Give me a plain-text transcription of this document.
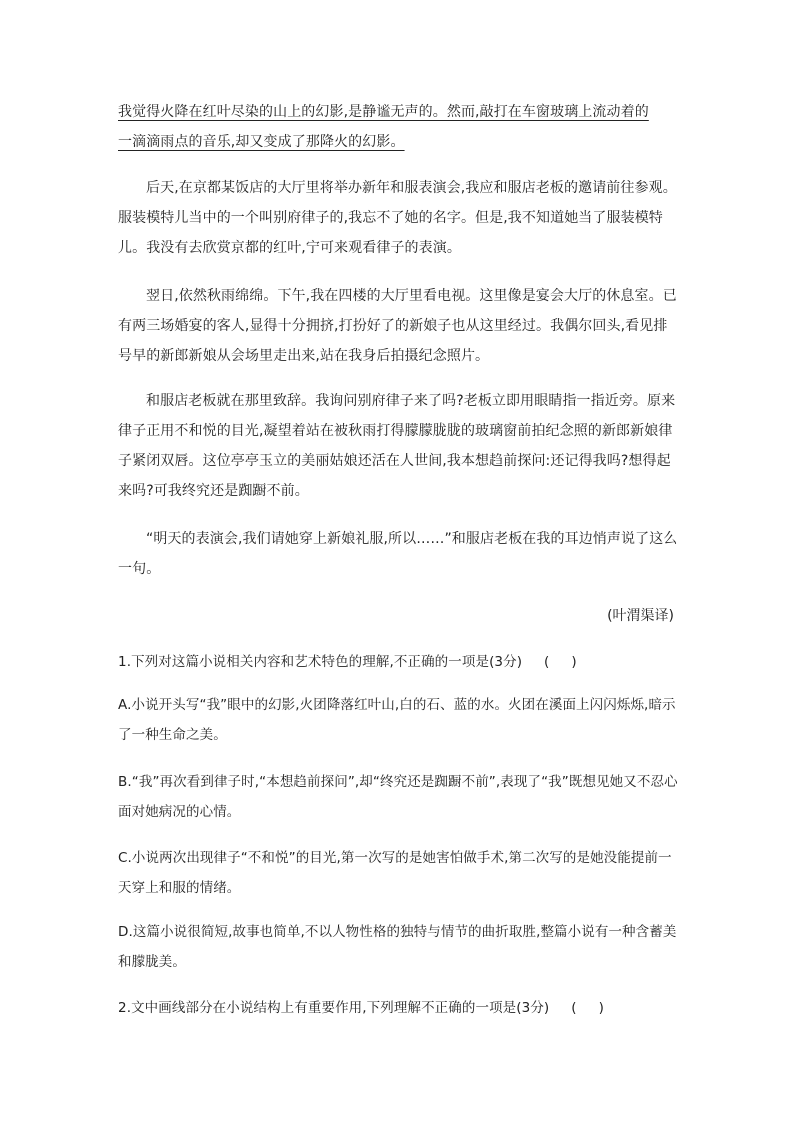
我觉得火降在红叶尽染的山上的幻影,是静谧无声的。然而,敲打在车窗玻璃上流动着的

一滴滴雨点的音乐,却又变成了那降火的幻影。

后天,在京都某饭店的大厅里将举办新年和服表演会,我应和服店老板的邀请前往参观。服装模特儿当中的一个叫别府律子的,我忘不了她的名字。但是,我不知道她当了服装模特儿。我没有去欣赏京都的红叶,宁可来观看律子的表演。

翌日,依然秋雨绵绵。下午,我在四楼的大厅里看电视。这里像是宴会大厅的休息室。已有两三场婚宴的客人,显得十分拥挤,打扮好了的新娘子也从这里经过。我偶尔回头,看见排号早的新郎新娘从会场里走出来,站在我身后拍摄纪念照片。

和服店老板就在那里致辞。我询问别府律子来了吗?老板立即用眼睛指一指近旁。原来律子正用不和悦的目光,凝望着站在被秋雨打得朦朦胧胧的玻璃窗前拍纪念照的新郎新娘律子紧闭双唇。这位亭亭玉立的美丽姑娘还活在人世间,我本想趋前探问:还记得我吗?想得起来吗?可我终究还是踟蹰不前。

“明天的表演会,我们请她穿上新娘礼服,所以……”和服店老板在我的耳边悄声说了这么一句。

(叶渭渠译)

1.下列对这篇小说相关内容和艺术特色的理解,不正确的一项是(3分)     (     )

A.小说开头写“我”眼中的幻影,火团降落红叶山,白的石、蓝的水。火团在溪面上闪闪烁烁,暗示了一种生命之美。

B.“我”再次看到律子时,“本想趋前探问”,却“终究还是踟蹰不前”,表现了“我”既想见她又不忍心面对她病况的心情。

C.小说两次出现律子“不和悦”的目光,第一次写的是她害怕做手术,第二次写的是她没能提前一天穿上和服的情绪。

D.这篇小说很简短,故事也简单,不以人物性格的独特与情节的曲折取胜,整篇小说有一种含蓄美和朦胧美。

2.文中画线部分在小说结构上有重要作用,下列理解不正确的一项是(3分)     (     )
